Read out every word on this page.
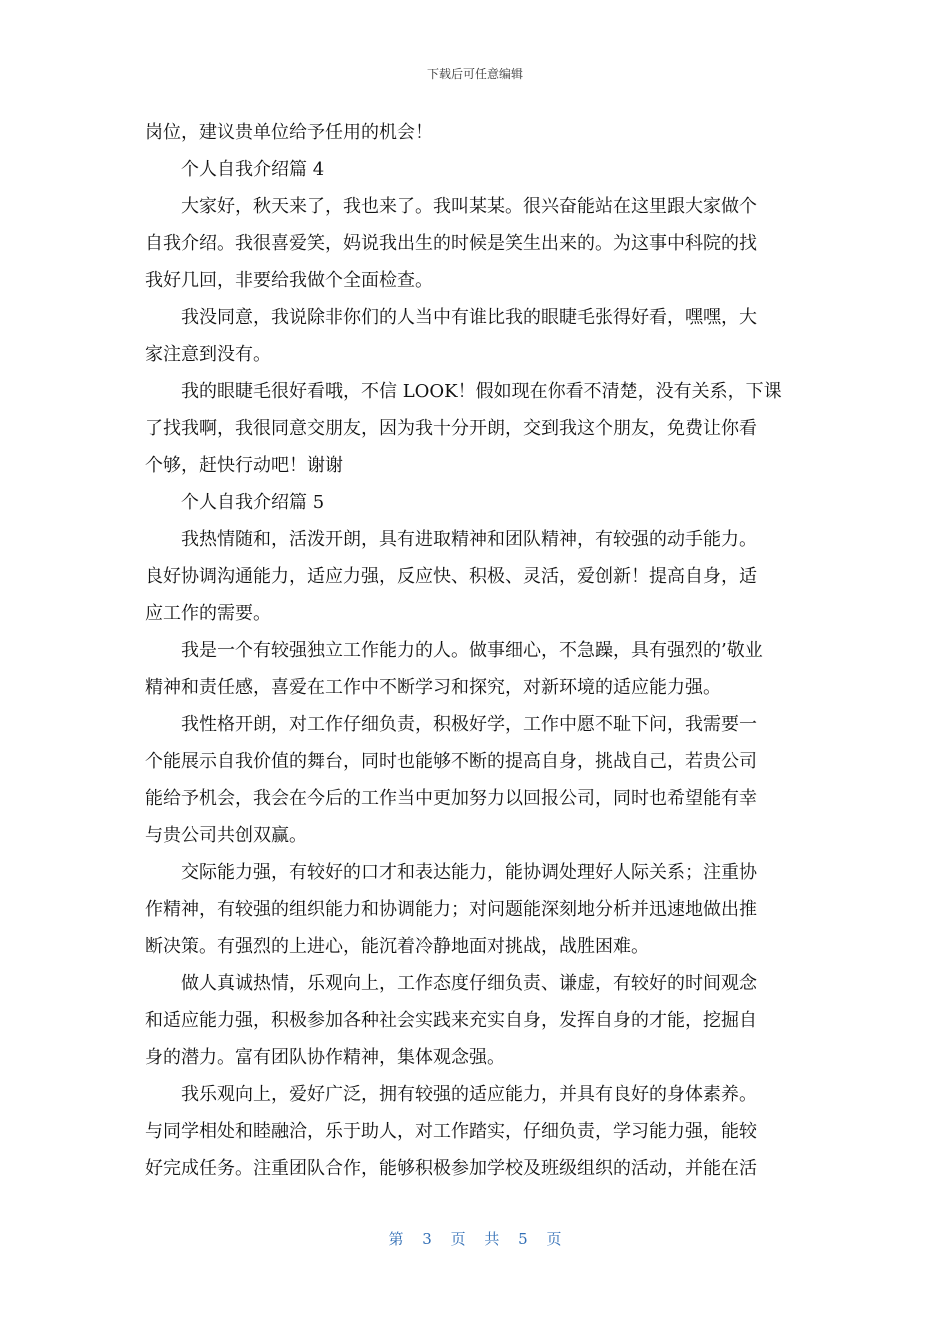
下载后可任意编辑
岗位，建议贵单位给予任用的机会！
个人自我介绍篇 4
大家好，秋天来了，我也来了。我叫某某。很兴奋能站在这里跟大家做个
自我介绍。我很喜爱笑，妈说我出生的时候是笑生出来的。为这事中科院的找
我好几回，非要给我做个全面检查。
我没同意，我说除非你们的人当中有谁比我的眼睫毛张得好看，嘿嘿，大
家注意到没有。
我的眼睫毛很好看哦，不信 LOOK！假如现在你看不清楚，没有关系，下课
了找我啊，我很同意交朋友，因为我十分开朗，交到我这个朋友，免费让你看
个够，赶快行动吧！谢谢
个人自我介绍篇 5
我热情随和，活泼开朗，具有进取精神和团队精神，有较强的动手能力。
良好协调沟通能力，适应力强，反应快、积极、灵活，爱创新！提高自身，适
应工作的需要。
我是一个有较强独立工作能力的人。做事细心，不急躁，具有强烈的’敬业
精神和责任感，喜爱在工作中不断学习和探究，对新环境的适应能力强。
我性格开朗，对工作仔细负责，积极好学，工作中愿不耻下问，我需要一
个能展示自我价值的舞台，同时也能够不断的提高自身，挑战自己，若贵公司
能给予机会，我会在今后的工作当中更加努力以回报公司，同时也希望能有幸
与贵公司共创双赢。
交际能力强，有较好的口才和表达能力，能协调处理好人际关系；注重协
作精神，有较强的组织能力和协调能力；对问题能深刻地分析并迅速地做出推
断决策。有强烈的上进心，能沉着冷静地面对挑战，战胜困难。
做人真诚热情，乐观向上，工作态度仔细负责、谦虚，有较好的时间观念
和适应能力强，积极参加各种社会实践来充实自身，发挥自身的才能，挖掘自
身的潜力。富有团队协作精神，集体观念强。
我乐观向上，爱好广泛，拥有较强的适应能力，并具有良好的身体素养。
与同学相处和睦融洽，乐于助人，对工作踏实，仔细负责，学习能力强，能较
好完成任务。注重团队合作，能够积极参加学校及班级组织的活动，并能在活
第 3 页 共 5 页
